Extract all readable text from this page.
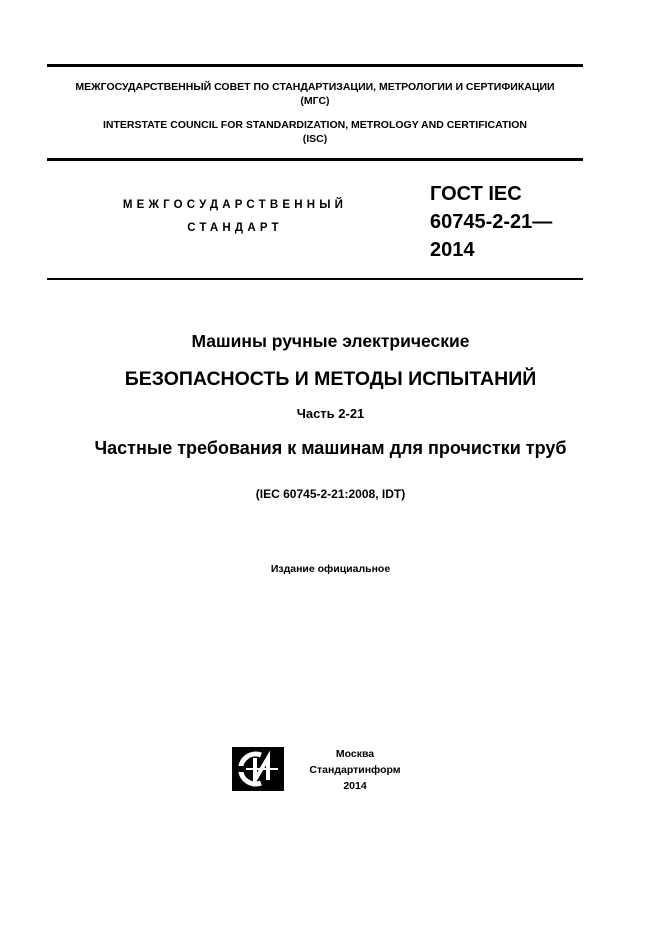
МЕЖГОСУДАРСТВЕННЫЙ СОВЕТ ПО СТАНДАРТИЗАЦИИ, МЕТРОЛОГИИ И СЕРТИФИКАЦИИ
(МГС)
INTERSTATE COUNCIL FOR STANDARDIZATION, METROLOGY AND CERTIFICATION
(ISC)
МЕЖГОСУДАРСТВЕННЫЙ
СТАНДАРТ
ГОСТ IEC
60745-2-21—
2014
Машины ручные электрические
БЕЗОПАСНОСТЬ И МЕТОДЫ ИСПЫТАНИЙ
Часть 2-21
Частные требования к машинам для прочистки труб
(IEC 60745-2-21:2008, IDT)
Издание официальное
Москва
Стандартинформ
2014
